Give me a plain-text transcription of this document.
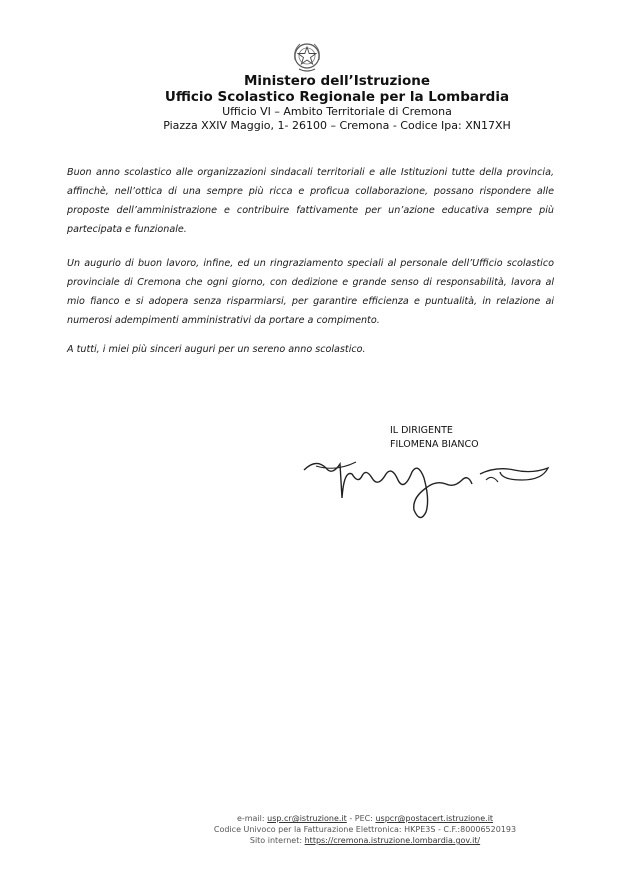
Ministero dell’Istruzione
Ufficio Scolastico Regionale per la Lombardia
Ufficio VI – Ambito Territoriale di Cremona
Piazza XXIV Maggio, 1- 26100 – Cremona - Codice Ipa: XN17XH
Buon anno scolastico alle organizzazioni sindacali territoriali e alle Istituzioni tutte della provincia, affinchè, nell’ottica di una sempre più ricca e proficua collaborazione, possano rispondere alle proposte dell’amministrazione e contribuire fattivamente per un’azione educativa sempre più partecipata e funzionale.
Un augurio di buon lavoro, infine, ed un ringraziamento speciali al personale dell’Ufficio scolastico provinciale di Cremona che ogni giorno, con dedizione e grande senso di responsabilità, lavora al mio fianco e si adopera senza risparmiarsi, per garantire efficienza e puntualità, in relazione ai numerosi adempimenti amministrativi da portare a compimento.
A tutti, i miei più sinceri auguri per un sereno anno scolastico.
IL DIRIGENTE
FILOMENA BIANCO
e-mail: usp.cr@istruzione.it - PEC: uspcr@postacert.istruzione.it
Codice Univoco per la Fatturazione Elettronica: HKPE3S - C.F.:80006520193
Sito internet: https://cremona.istruzione.lombardia.gov.it/
